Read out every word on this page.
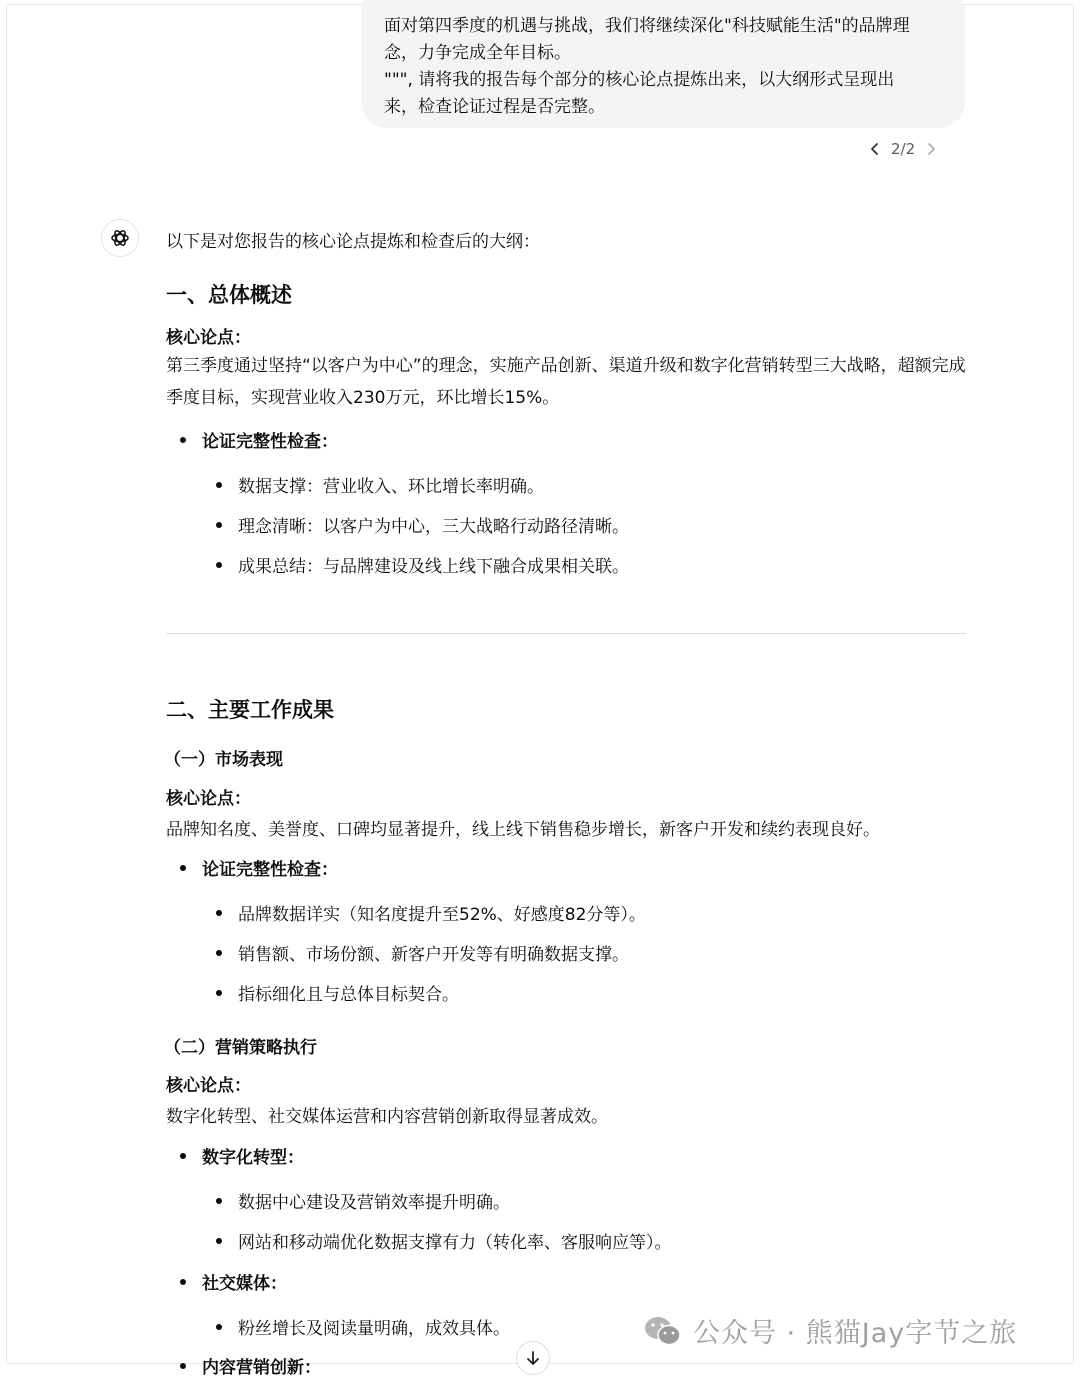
面对第四季度的机遇与挑战，我们将继续深化"科技赋能生活"的品牌理

念，力争完成全年目标。

""", 请将我的报告每个部分的核心论点提炼出来，以大纲形式呈现出

来，检查论证过程是否完整。

2/2
以下是对您报告的核心论点提炼和检查后的大纲：
一、总体概述
核心论点：
第三季度通过坚持“以客户为中心”的理念，实施产品创新、渠道升级和数字化营销转型三大战略，超额完成季度目标，实现营业收入230万元，环比增长15%。
论证完整性检查：
数据支撑：营业收入、环比增长率明确。
理念清晰：以客户为中心，三大战略行动路径清晰。
成果总结：与品牌建设及线上线下融合成果相关联。
二、主要工作成果
（一）市场表现
核心论点：
品牌知名度、美誉度、口碑均显著提升，线上线下销售稳步增长，新客户开发和续约表现良好。
论证完整性检查：
品牌数据详实（知名度提升至52%、好感度82分等）。
销售额、市场份额、新客户开发等有明确数据支撑。
指标细化且与总体目标契合。
（二）营销策略执行
核心论点：
数字化转型、社交媒体运营和内容营销创新取得显著成效。
数字化转型：
数据中心建设及营销效率提升明确。
网站和移动端优化数据支撑有力（转化率、客服响应等）。
社交媒体：
粉丝增长及阅读量明确，成效具体。
内容营销创新：
公众号 · 熊猫Jay字节之旅
